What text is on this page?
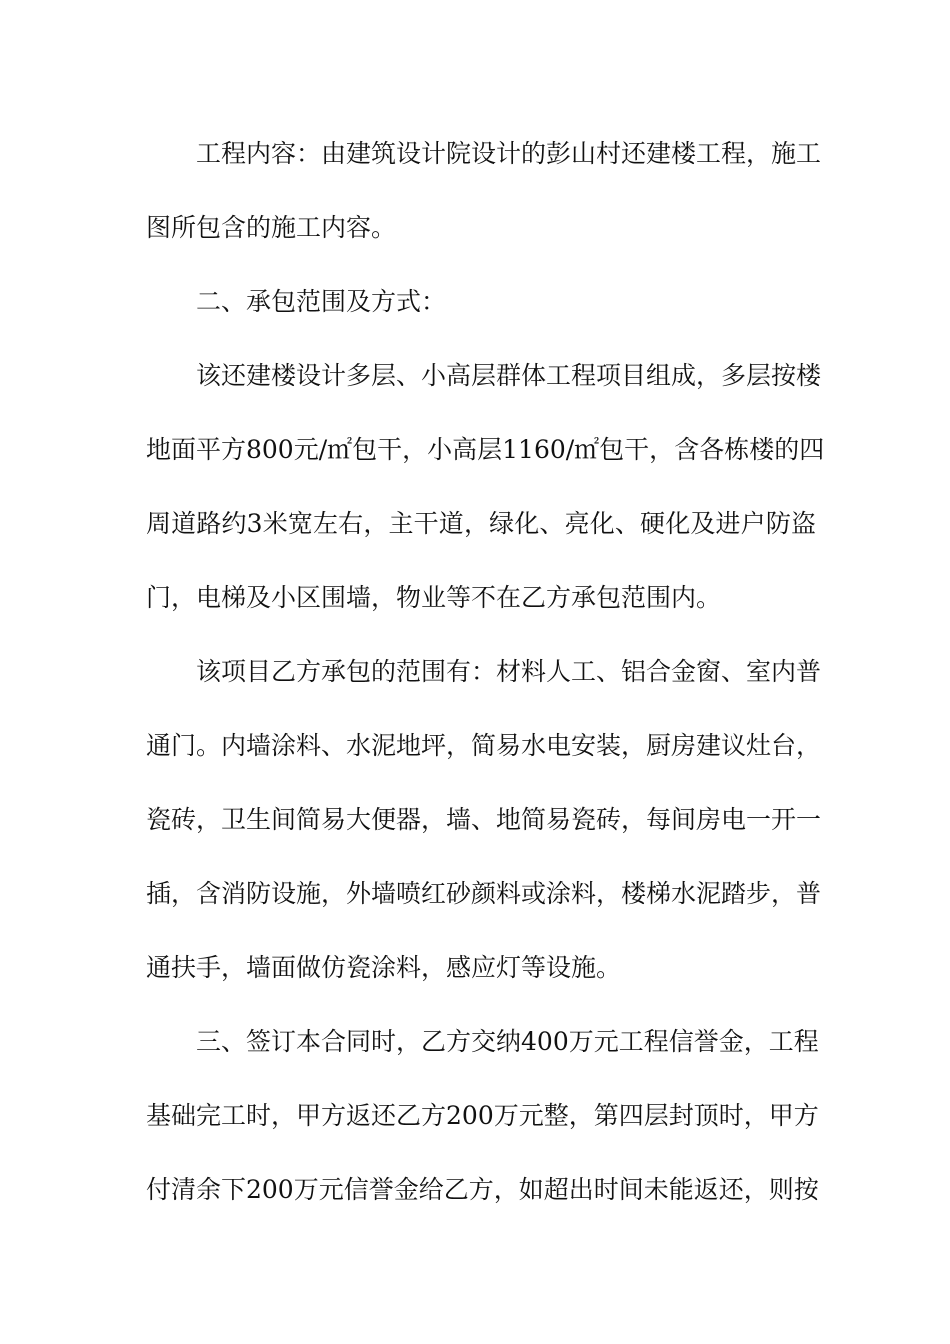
工程内容：由建筑设计院设计的彭山村还建楼工程，施工
图所包含的施工内容。
二、承包范围及方式：
该还建楼设计多层、小高层群体工程项目组成，多层按楼
地面平方800元/㎡包干，小高层1160/㎡包干，含各栋楼的四
周道路约3米宽左右，主干道，绿化、亮化、硬化及进户防盗
门，电梯及小区围墙，物业等不在乙方承包范围内。
该项目乙方承包的范围有：材料人工、铝合金窗、室内普
通门。内墙涂料、水泥地坪，简易水电安装，厨房建议灶台，
瓷砖，卫生间简易大便器，墙、地简易瓷砖，每间房电一开一
插，含消防设施，外墙喷红砂颜料或涂料，楼梯水泥踏步，普
通扶手，墙面做仿瓷涂料，感应灯等设施。
三、签订本合同时，乙方交纳400万元工程信誉金，工程
基础完工时，甲方返还乙方200万元整，第四层封顶时，甲方
付清余下200万元信誉金给乙方，如超出时间未能返还，则按
